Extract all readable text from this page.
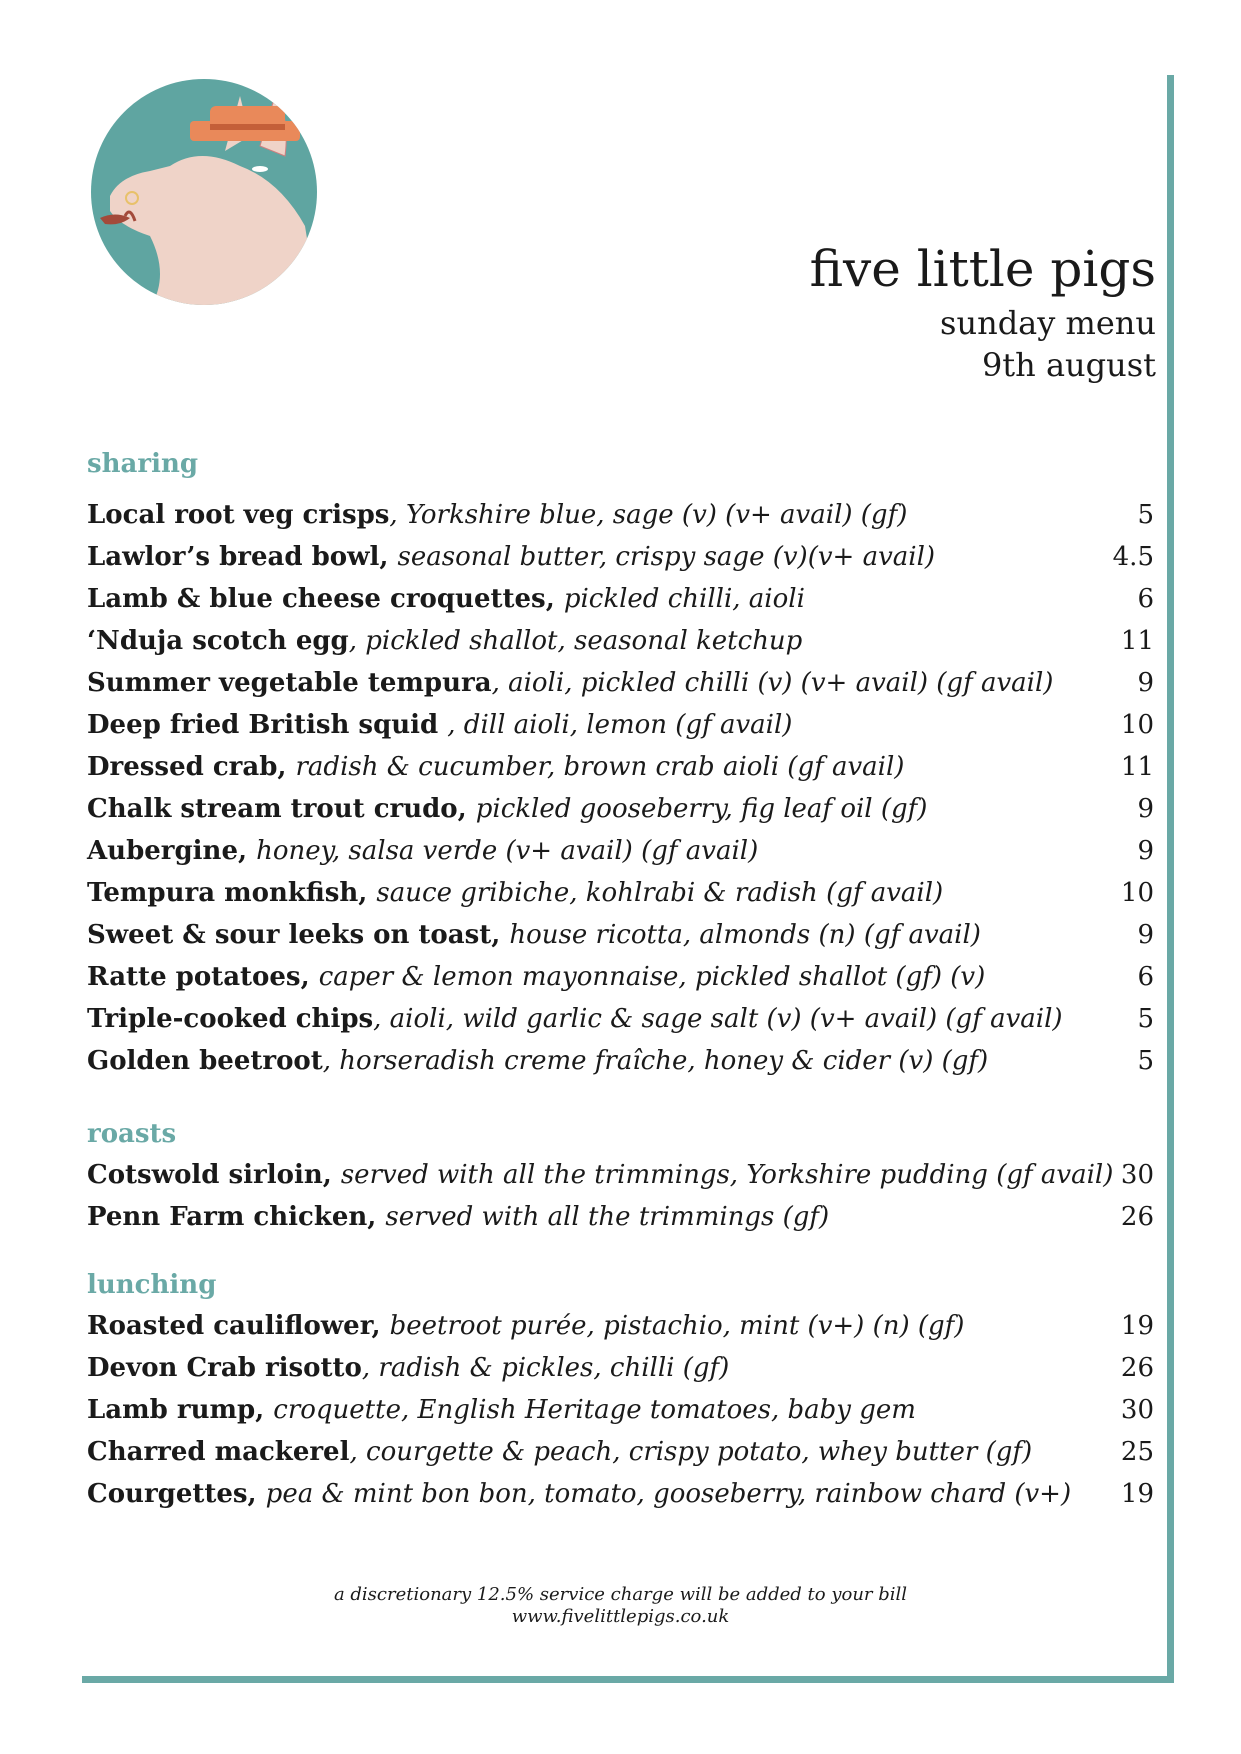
five little pigs
sunday menu
9th august
sharing
Local root veg crisps, Yorkshire blue, sage (v) (v+ avail) (gf)	5
Lawlor’s bread bowl, seasonal butter, crispy sage (v)(v+ avail)	4.5
Lamb & blue cheese croquettes, pickled chilli, aioli	6
‘Nduja scotch egg, pickled shallot, seasonal ketchup	11
Summer vegetable tempura, aioli, pickled chilli (v) (v+ avail) (gf avail)	9
Deep fried British squid , dill aioli, lemon (gf avail)	10
Dressed crab, radish & cucumber, brown crab aioli (gf avail)	11
Chalk stream trout crudo, pickled gooseberry, fig leaf oil (gf)	9
Aubergine, honey, salsa verde (v+ avail) (gf avail)	9
Tempura monkfish, sauce gribiche, kohlrabi & radish (gf avail)	10
Sweet & sour leeks on toast, house ricotta, almonds (n) (gf avail)	9
Ratte potatoes, caper & lemon mayonnaise, pickled shallot (gf) (v)	6
Triple-cooked chips, aioli, wild garlic & sage salt (v) (v+ avail) (gf avail)	5
Golden beetroot, horseradish creme fraîche, honey & cider (v) (gf)	5
roasts
Cotswold sirloin, served with all the trimmings, Yorkshire pudding (gf avail) 30
Penn Farm chicken, served with all the trimmings (gf)	26
lunching
Roasted cauliflower, beetroot purée, pistachio, mint (v+) (n) (gf)	19
Devon Crab risotto, radish & pickles, chilli (gf)	26
Lamb rump, croquette, English Heritage tomatoes, baby gem	30
Charred mackerel, courgette & peach, crispy potato, whey butter (gf)	25
Courgettes, pea & mint bon bon, tomato, gooseberry, rainbow chard (v+) 19
a discretionary 12.5% service charge will be added to your bill
www.fivelittlepigs.co.uk
